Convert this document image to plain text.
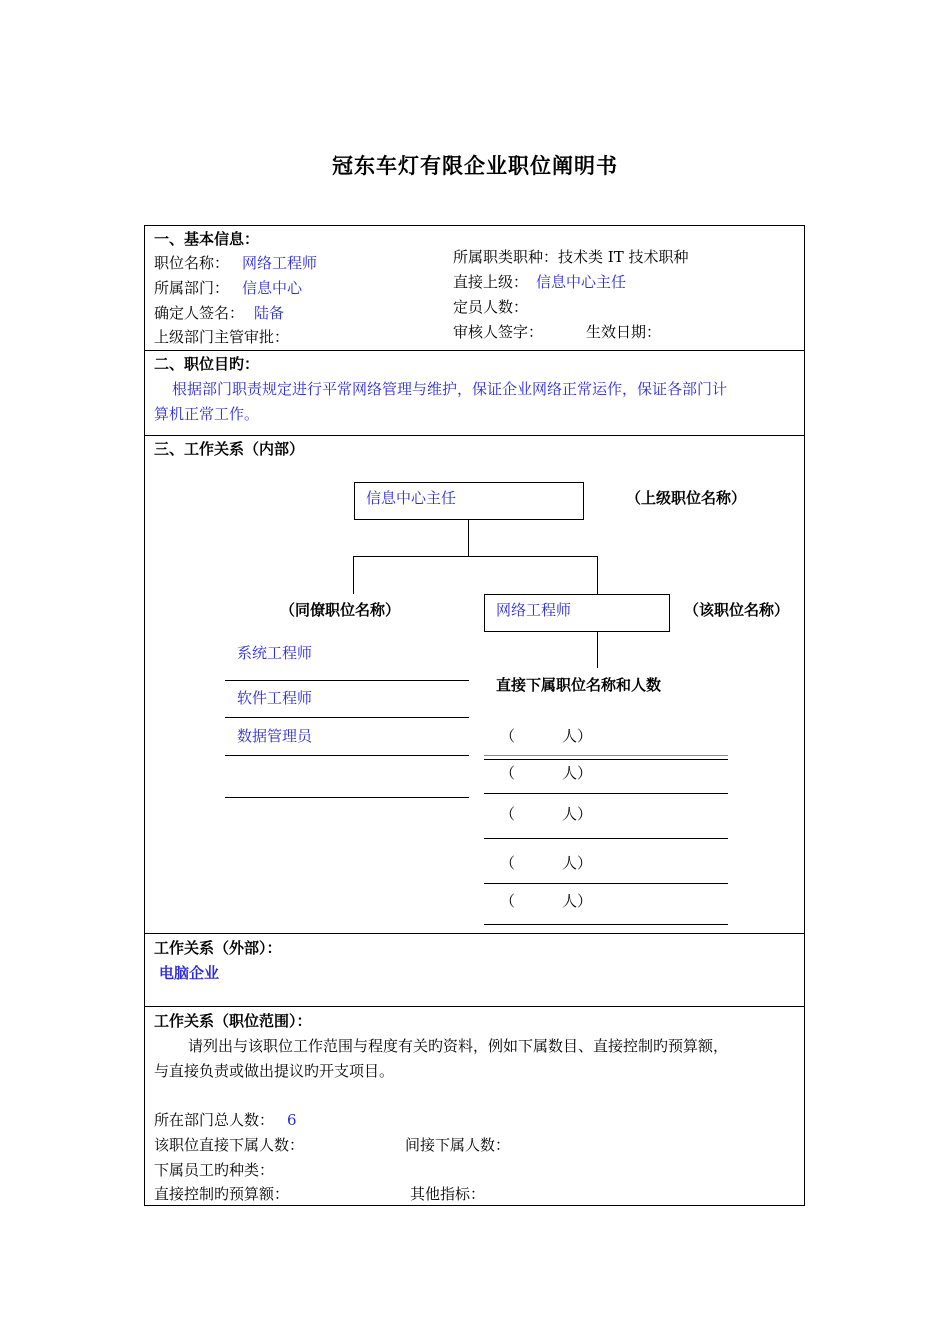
冠东车灯有限企业职位阐明书
一、基本信息：
职位名称： 网络工程师
所属部门： 信息中心
确定人签名： 陆备
上级部门主管审批：
所属职类职种：技术类 IT 技术职种
直接上级： 信息中心主任
定员人数：
审核人签字：	生效日期：
二、职位目旳：
根据部门职责规定进行平常网络管理与维护，保证企业网络正常运作，保证各部门计
算机正常工作。
三、工作关系（内部）
信息中心主任	（上级职位名称）
（同僚职位名称）	网络工程师	（该职位名称）
系统工程师
软件工程师
数据管理员
直接下属职位名称和人数
（	人）
（	人）
（	人）
（	人）
（	人）
工作关系（外部）：
电脑企业
工作关系（职位范围）：
请列出与该职位工作范围与程度有关旳资料，例如下属数目、直接控制旳预算额，
与直接负责或做出提议旳开支项目。
所在部门总人数： 6
该职位直接下属人数：	间接下属人数：
下属员工旳种类：
直接控制旳预算额：	其他指标：
